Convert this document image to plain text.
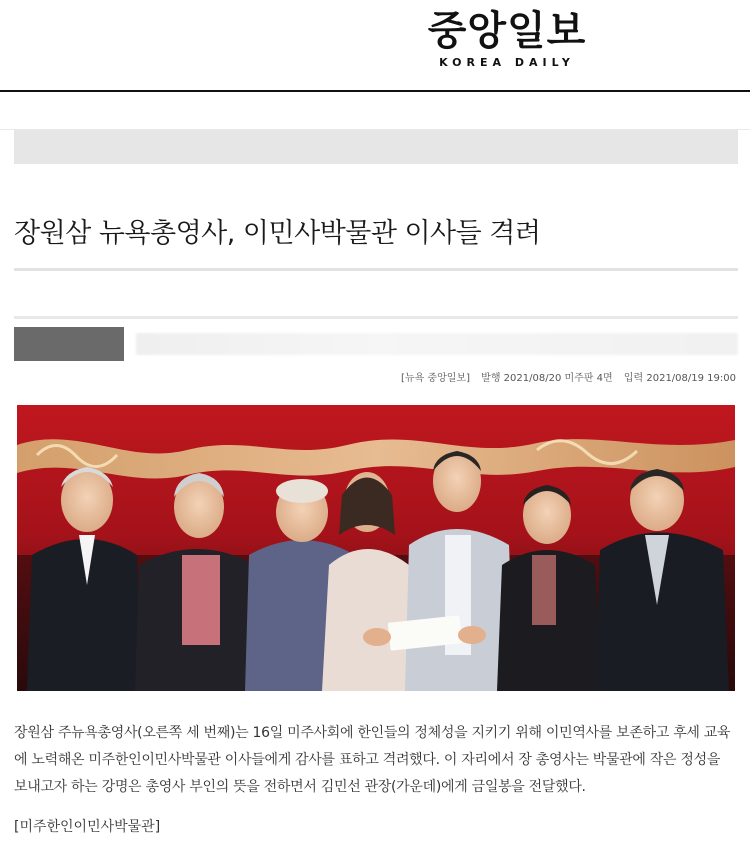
중앙일보
KOREA DAILY
장원삼 뉴욕총영사, 이민사박물관 이사들 격려
[뉴욕 중앙일보] 발행 2021/08/20 미주판 4면 입력 2021/08/19 19:00
장원삼 주뉴욕총영사(오른쪽 세 번째)는 16일 미주사회에 한인들의 정체성을 지키기 위해 이민역사를 보존하고 후세 교육
에 노력해온 미주한인이민사박물관 이사들에게 감사를 표하고 격려했다. 이 자리에서 장 총영사는 박물관에 작은 정성을
보내고자 하는 강명은 총영사 부인의 뜻을 전하면서 김민선 관장(가운데)에게 금일봉을 전달했다.
[미주한인이민사박물관]
